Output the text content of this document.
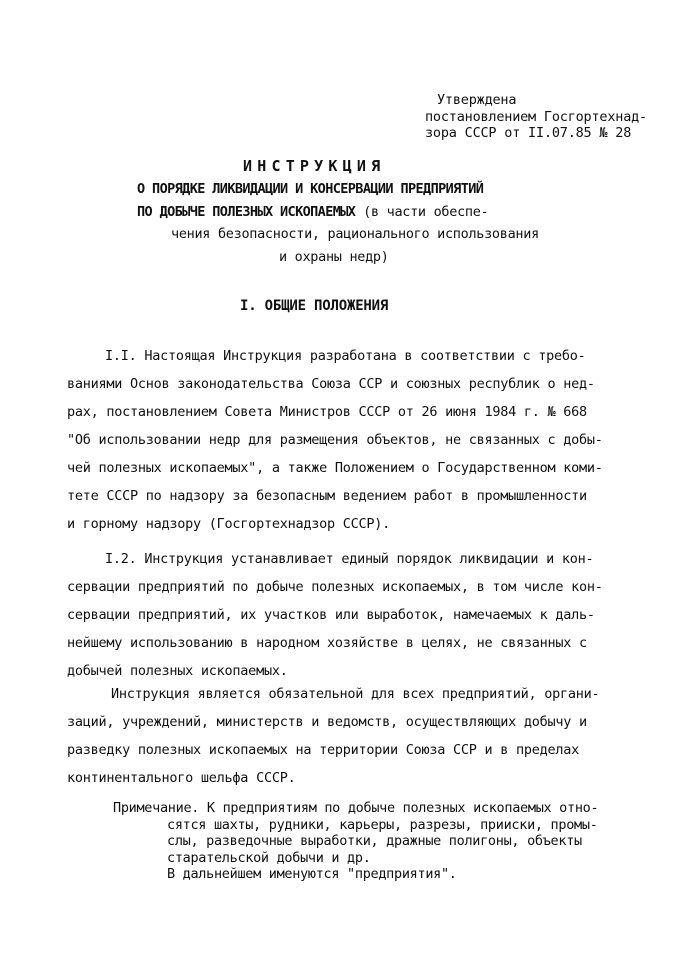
Утверждена
постановлением Госгортехнад-
зора СССР от II.07.85 № 28
ИНСТРУКЦИЯ
О ПОРЯДКЕ ЛИКВИДАЦИИ И КОНСЕРВАЦИИ ПРЕДПРИЯТИЙ
ПО ДОБЫЧЕ ПОЛЕЗНЫХ ИСКОПАЕМЫХ (в части обеспе-
чения безопасности, рационального использования
и охраны недр)
I. ОБЩИЕ ПОЛОЖЕНИЯ
I.I. Настоящая Инструкция разработана в соответствии с требо-
ваниями Основ законодательства Союза ССР и союзных республик о нед-
рах, постановлением Совета Министров СССР от 26 июня 1984 г. № 668
"Об использовании недр для размещения объектов, не связанных с добы-
чей полезных ископаемых", а также Положением о Государственном коми-
тете СССР по надзору за безопасным ведением работ в промышленности
и горному надзору (Госгортехнадзор СССР).
I.2. Инструкция устанавливает единый порядок ликвидации и кон-
сервации предприятий по добыче полезных ископаемых, в том числе кон-
сервации предприятий, их участков или выработок, намечаемых к даль-
нейшему использованию в народном хозяйстве в целях, не связанных с
добычей полезных ископаемых.
Инструкция является обязательной для всех предприятий, органи-
заций, учреждений, министерств и ведомств, осуществляющих добычу и
разведку полезных ископаемых на территории Союза ССР и в пределах
континентального шельфа СССР.
Примечание. К предприятиям по добыче полезных ископаемых отно-
сятся шахты, рудники, карьеры, разрезы, прииски, промы-
слы, разведочные выработки, дражные полигоны, объекты
старательской добычи и др.
В дальнейшем именуются "предприятия".
